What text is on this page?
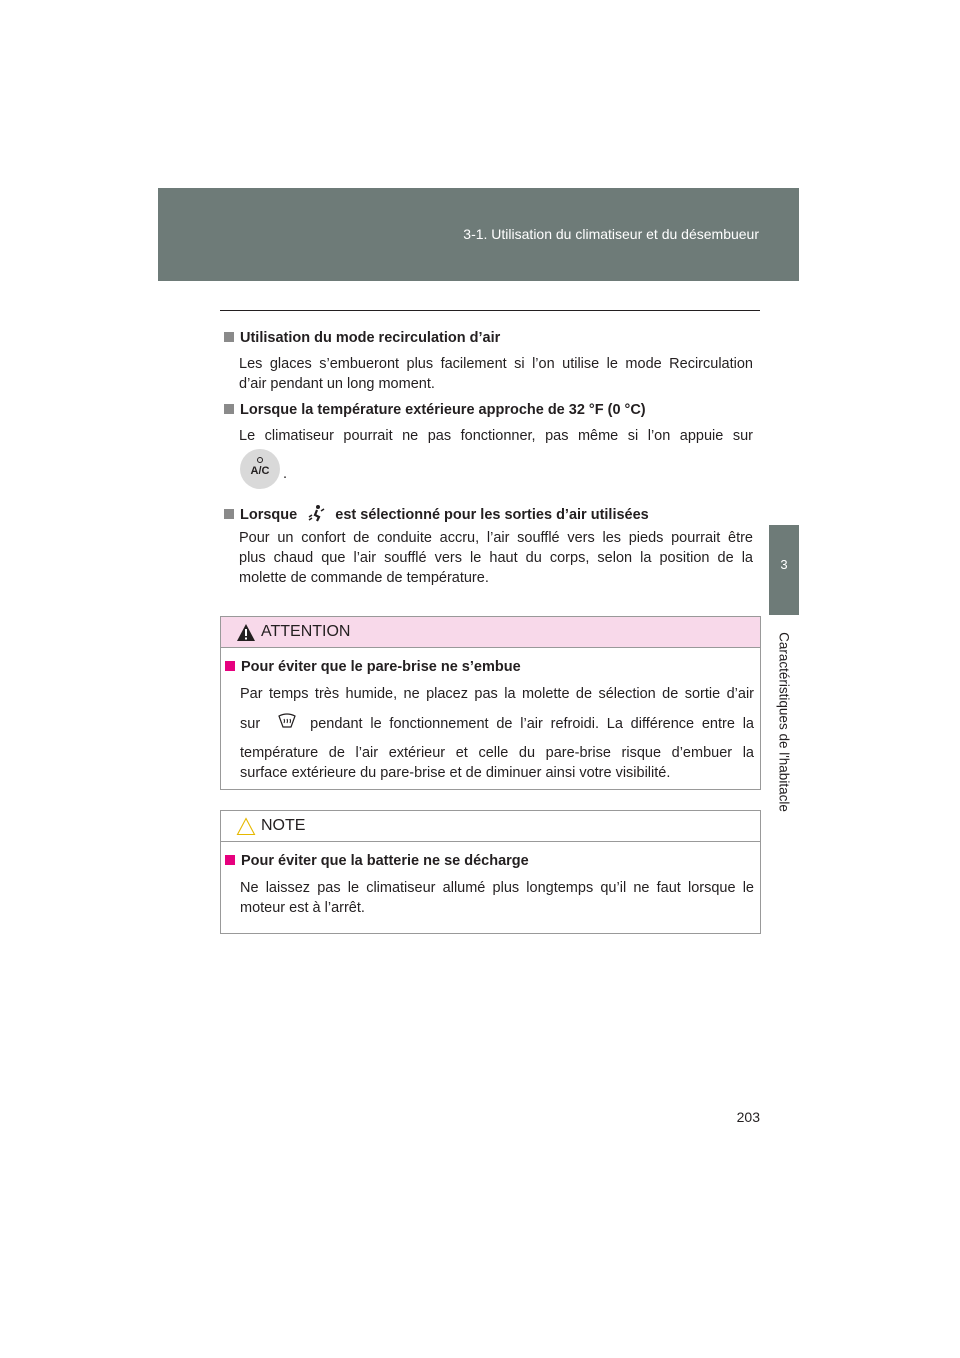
3-1. Utilisation du climatiseur et du désembueur
3
Caractéristiques de l'habitacle
Utilisation du mode recirculation d’air
Les glaces s’embueront plus facilement si l’on utilise le mode Recirculation
d’air pendant un long moment.
Lorsque la température extérieure approche de 32 °F (0 °C)
Le climatiseur pourrait ne pas fonctionner, pas même si l’on appuie sur
A/C .
Lorsque	est sélectionné pour les sorties d’air utilisées
Pour un confort de conduite accru, l’air soufflé vers les pieds pourrait être
plus chaud que l’air soufflé vers le haut du corps, selon la position de la
molette de commande de température.
ATTENTION
Pour éviter que le pare-brise ne s’embue
Par temps très humide, ne placez pas la molette de sélection de sortie d’air
sur	pendant le fonctionnement de l’air refroidi. La différence entre la
température de l’air extérieur et celle du pare-brise risque d’embuer la
surface extérieure du pare-brise et de diminuer ainsi votre visibilité.
NOTE
Pour éviter que la batterie ne se décharge
Ne laissez pas le climatiseur allumé plus longtemps qu’il ne faut lorsque le
moteur est à l’arrêt.
203
